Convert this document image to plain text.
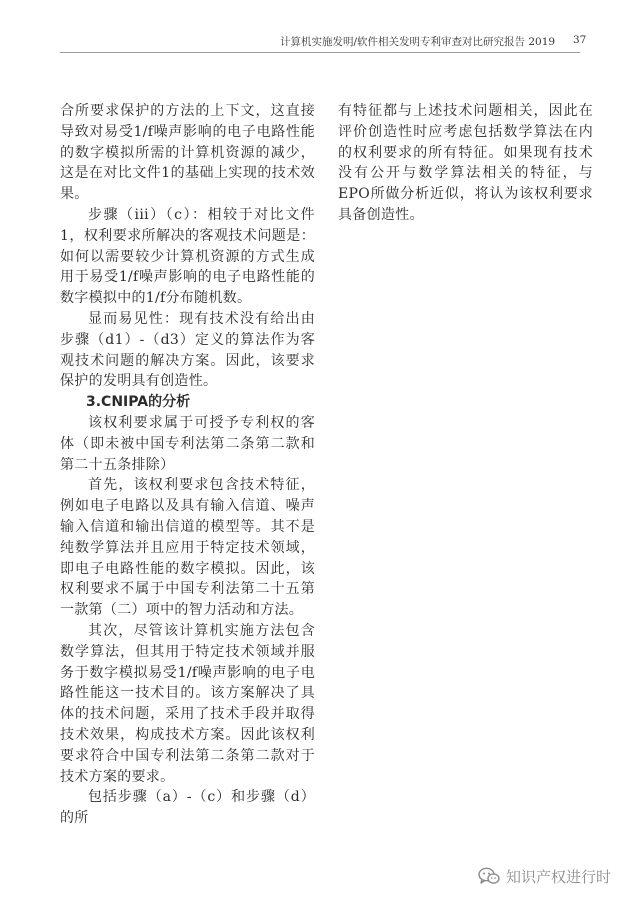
计算机实施发明/软件相关发明专利审查对比研究报告 2019 37

合所要求保护的方法的上下文，这直接导致对易受1/f噪声影响的电子电路性能的数字模拟所需的计算机资源的减少，这是在对比文件1的基础上实现的技术效果。

步骤（iii）（c）：相较于对比文件1，权利要求所解决的客观技术问题是：如何以需要较少计算机资源的方式生成用于易受1/f噪声影响的电子电路性能的数字模拟中的1/f分布随机数。

显而易见性：现有技术没有给出由步骤（d1）-（d3）定义的算法作为客观技术问题的解决方案。因此，该要求保护的发明具有创造性。

3.CNIPA的分析

该权利要求属于可授予专利权的客体（即未被中国专利法第二条第二款和第二十五条排除）

首先，该权利要求包含技术特征，例如电子电路以及具有输入信道、噪声输入信道和输出信道的模型等。其不是纯数学算法并且应用于特定技术领域，即电子电路性能的数字模拟。因此，该权利要求不属于中国专利法第二十五第一款第（二）项中的智力活动和方法。

其次，尽管该计算机实施方法包含数学算法，但其用于特定技术领域并服务于数字模拟易受1/f噪声影响的电子电路性能这一技术目的。该方案解决了具体的技术问题，采用了技术手段并取得技术效果，构成技术方案。因此该权利要求符合中国专利法第二条第二款对于技术方案的要求。

包括步骤（a）-（c）和步骤（d）的所

有特征都与上述技术问题相关，因此在评价创造性时应考虑包括数学算法在内的权利要求的所有特征。如果现有技术没有公开与数学算法相关的特征，与EPO所做分析近似，将认为该权利要求具备创造性。

知识产权进行时
